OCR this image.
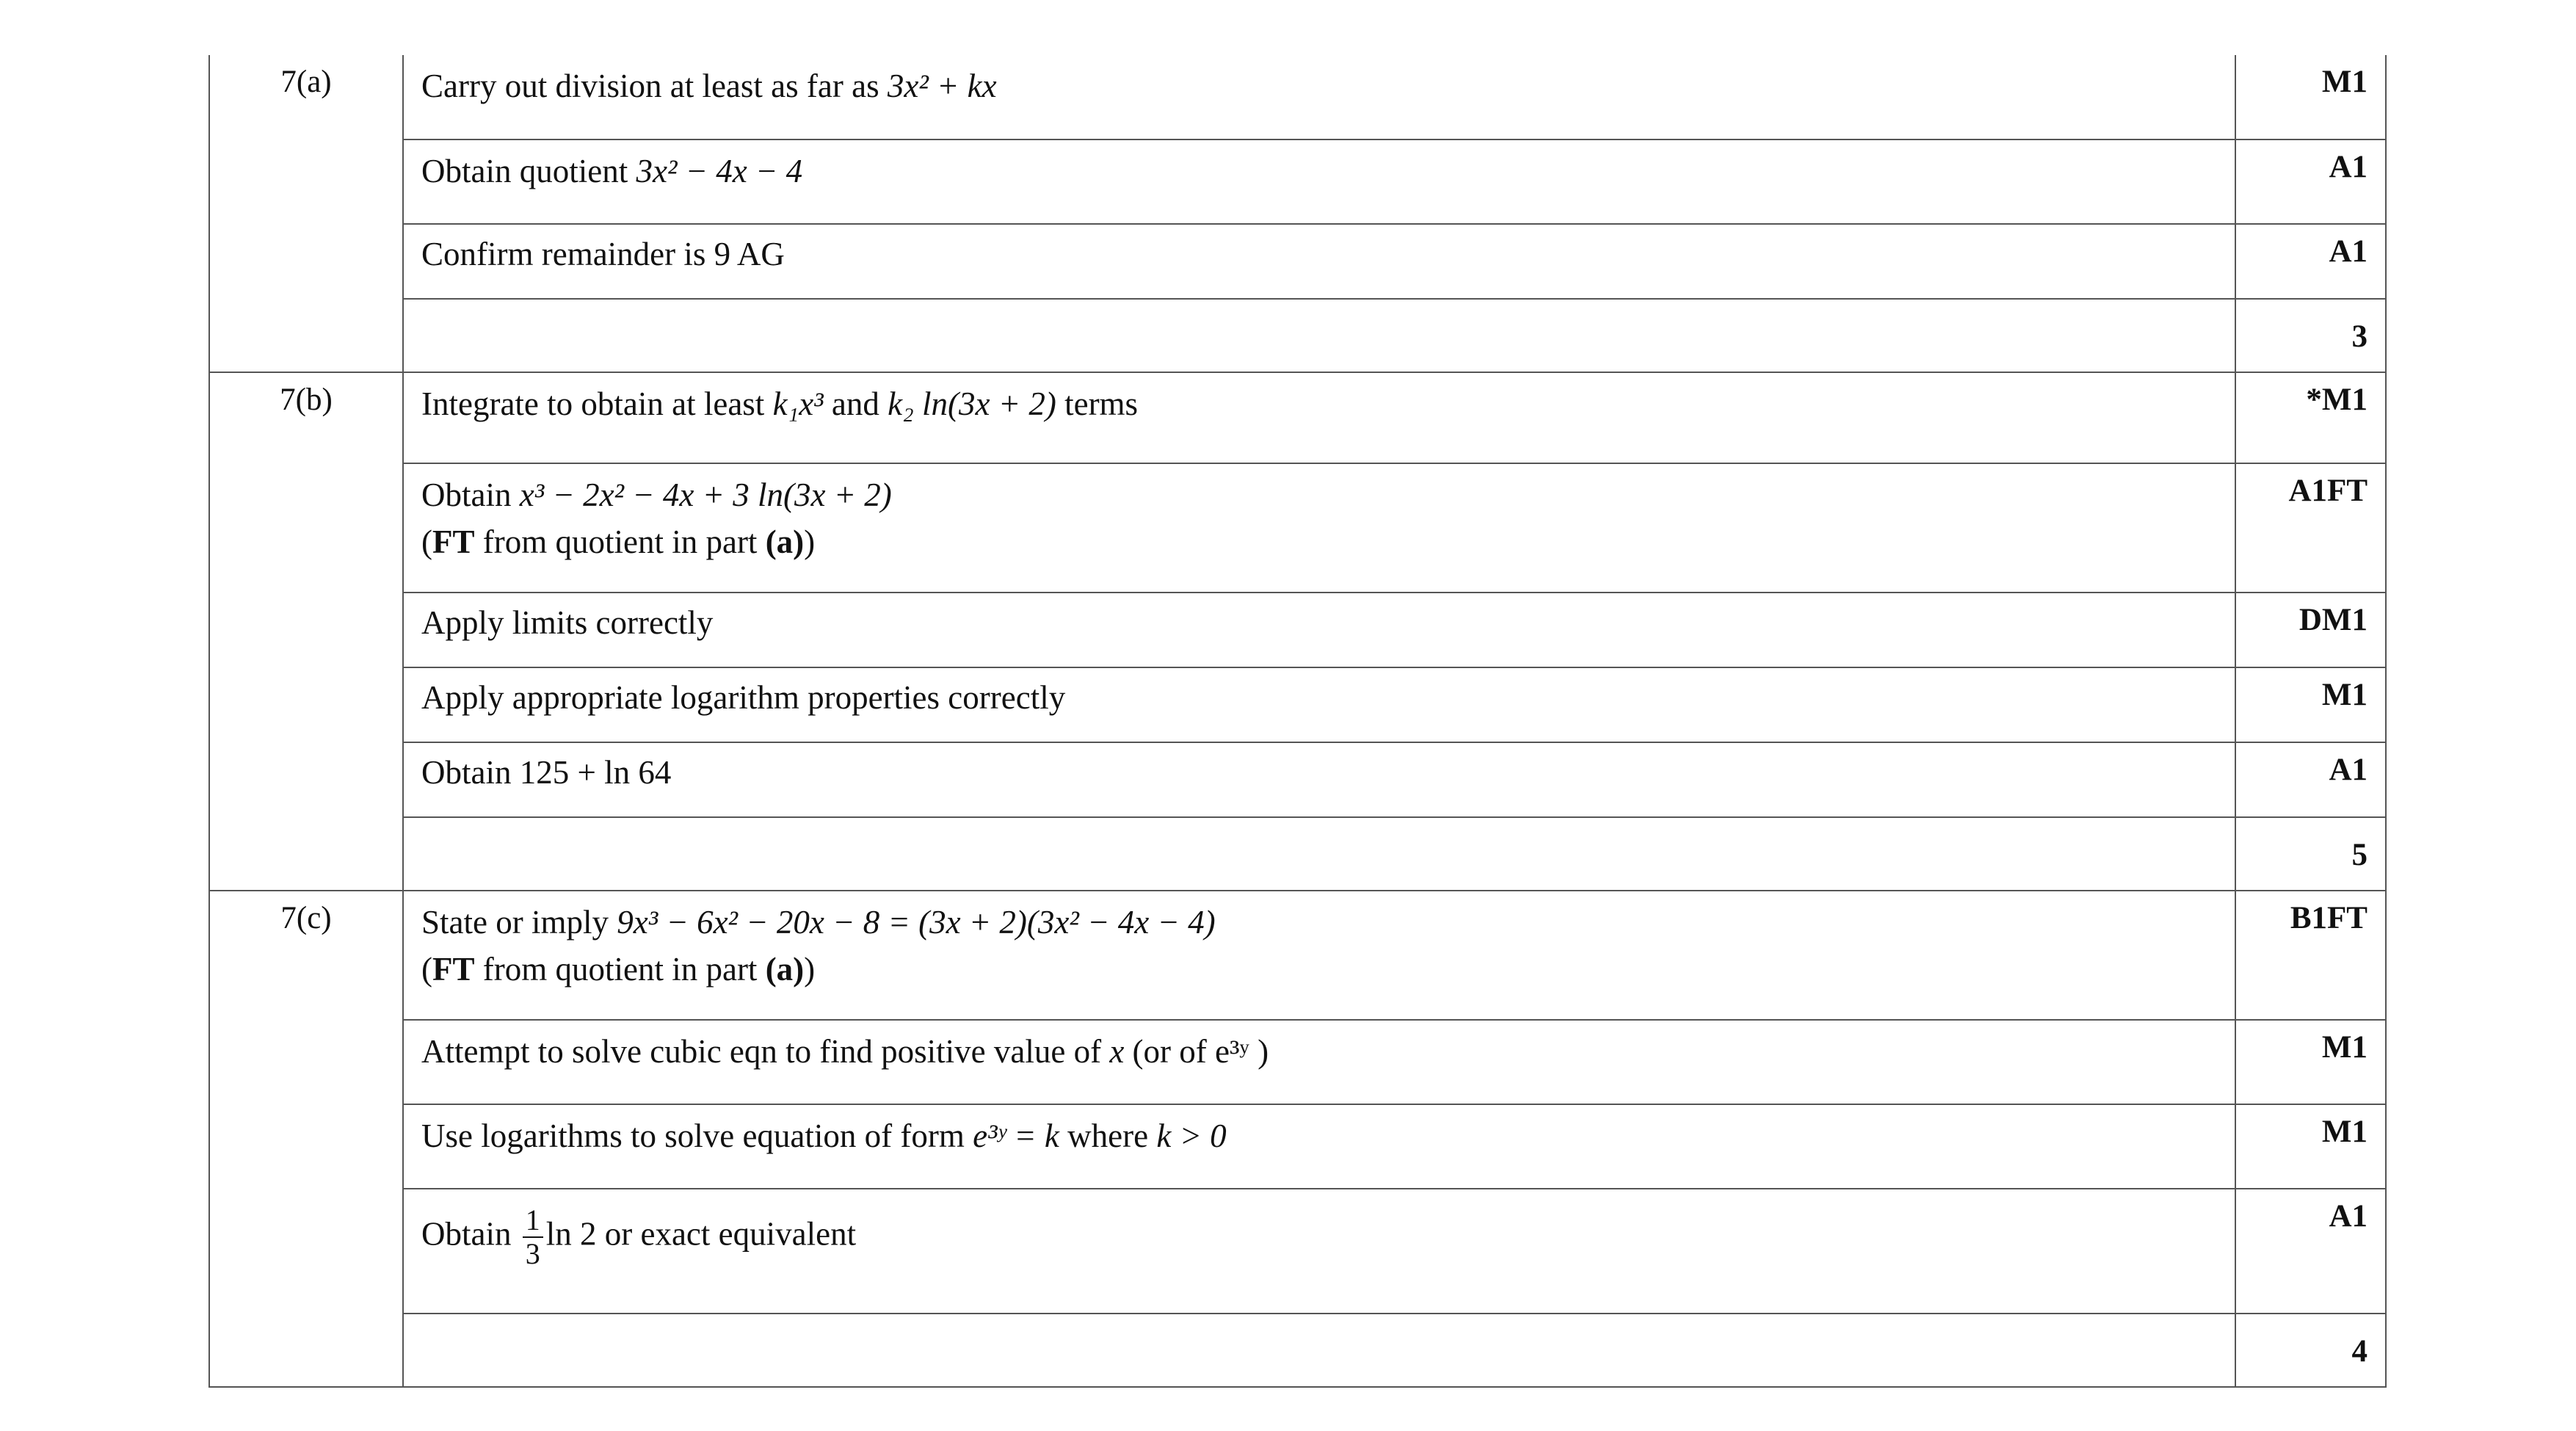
7(a)	Carry out division at least as far as 3x² + kx	M1

	Obtain quotient 3x² − 4x − 4	A1

	Confirm remainder is 9 AG	A1

		3

7(b)	Integrate to obtain at least k₁x³ and k₂ ln(3x + 2) terms	*M1

	Obtain x³ − 2x² − 4x + 3 ln(3x + 2)
(FT from quotient in part (a))	A1FT

	Apply limits correctly	DM1

	Apply appropriate logarithm properties correctly	M1

	Obtain 125 + ln 64	A1

		5

7(c)	State or imply 9x³ − 6x² − 20x − 8 = (3x + 2)(3x² − 4x − 4)
(FT from quotient in part (a))	B1FT

	Attempt to solve cubic eqn to find positive value of x (or of e³ʸ )	M1

	Use logarithms to solve equation of form e³ʸ = k where k > 0	M1

	Obtain $\frac{1}{3}$ ln 2 or exact equivalent	A1

		4
